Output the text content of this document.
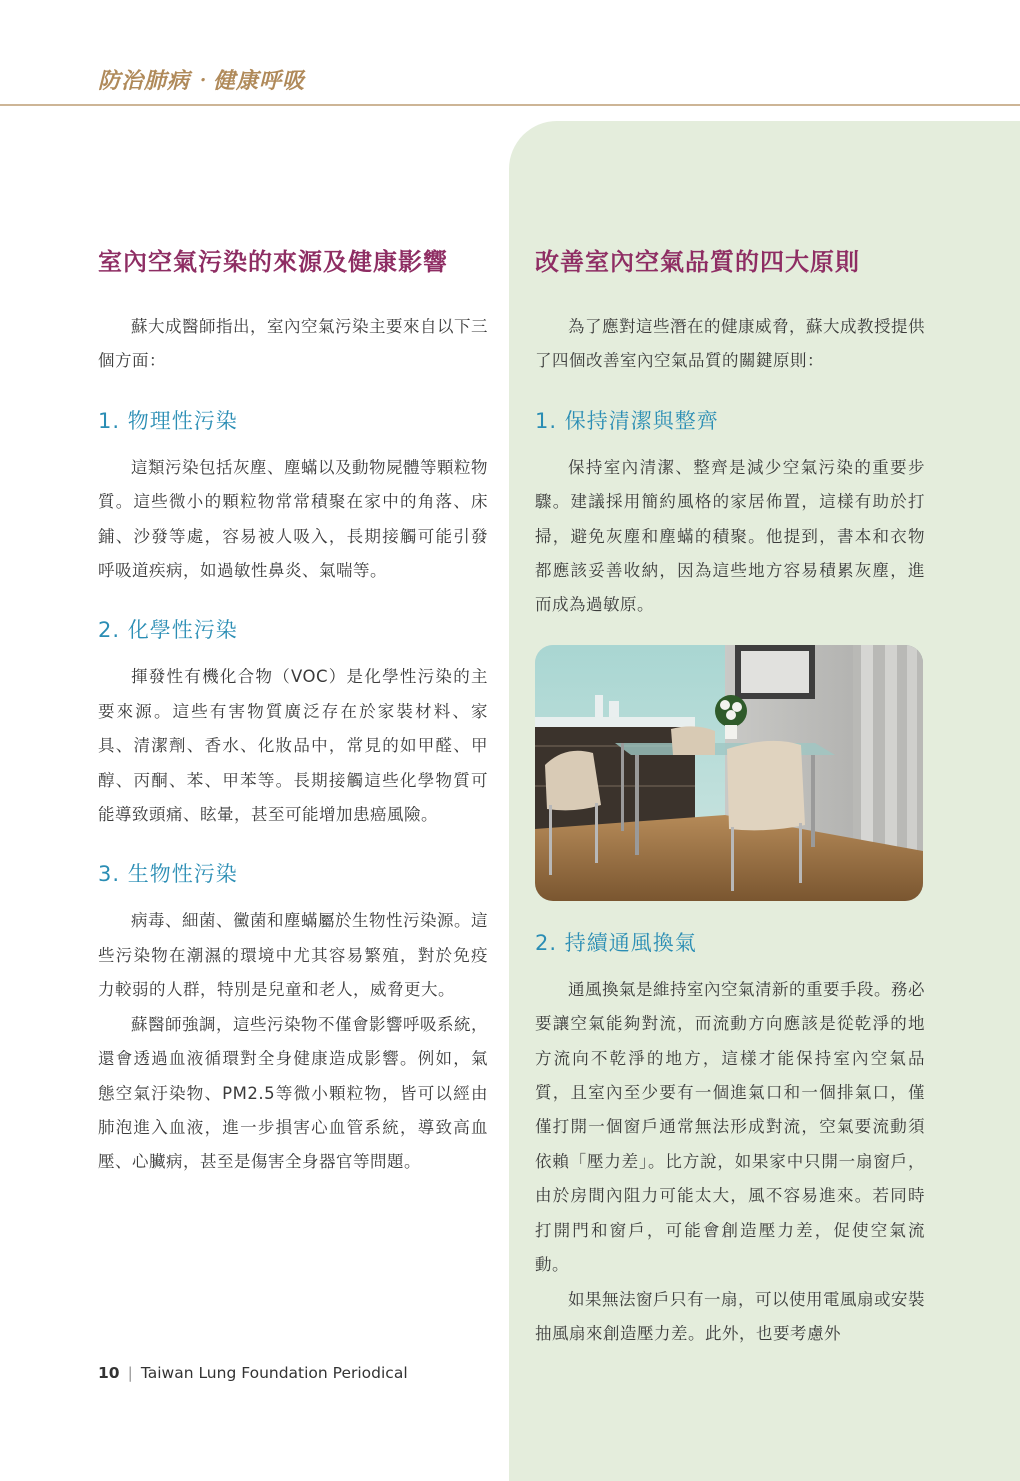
防治肺病‧健康呼吸
室內空氣污染的來源及健康影響

蘇大成醫師指出，室內空氣污染主要來自以下三個方面：

1. 物理性污染

這類污染包括灰塵、塵蟎以及動物屍體等顆粒物質。這些微小的顆粒物常常積聚在家中的角落、床鋪、沙發等處，容易被人吸入，長期接觸可能引發呼吸道疾病，如過敏性鼻炎、氣喘等。

2. 化學性污染

揮發性有機化合物（VOC）是化學性污染的主要來源。這些有害物質廣泛存在於家裝材料、家具、清潔劑、香水、化妝品中，常見的如甲醛、甲醇、丙酮、苯、甲苯等。長期接觸這些化學物質可能導致頭痛、眩暈，甚至可能增加患癌風險。

3. 生物性污染

病毒、細菌、黴菌和塵蟎屬於生物性污染源。這些污染物在潮濕的環境中尤其容易繁殖，對於免疫力較弱的人群，特別是兒童和老人，威脅更大。

蘇醫師強調，這些污染物不僅會影響呼吸系統，還會透過血液循環對全身健康造成影響。例如，氣態空氣汙染物、PM2.5等微小顆粒物，皆可以經由肺泡進入血液，進一步損害心血管系統，導致高血壓、心臟病，甚至是傷害全身器官等問題。

改善室內空氣品質的四大原則

為了應對這些潛在的健康威脅，蘇大成教授提供了四個改善室內空氣品質的關鍵原則：

1. 保持清潔與整齊

保持室內清潔、整齊是減少空氣污染的重要步驟。建議採用簡約風格的家居佈置，這樣有助於打掃，避免灰塵和塵蟎的積聚。他提到，書本和衣物都應該妥善收納，因為這些地方容易積累灰塵，進而成為過敏原。

2. 持續通風換氣

通風換氣是維持室內空氣清新的重要手段。務必要讓空氣能夠對流，而流動方向應該是從乾淨的地方流向不乾淨的地方，這樣才能保持室內空氣品質，且室內至少要有一個進氣口和一個排氣口，僅僅打開一個窗戶通常無法形成對流，空氣要流動須依賴「壓力差」。比方說，如果家中只開一扇窗戶，由於房間內阻力可能太大，風不容易進來。若同時打開門和窗戶，可能會創造壓力差，促使空氣流動。

如果無法窗戶只有一扇，可以使用電風扇或安裝抽風扇來創造壓力差。此外，也要考慮外

10 | Taiwan Lung Foundation Periodical
